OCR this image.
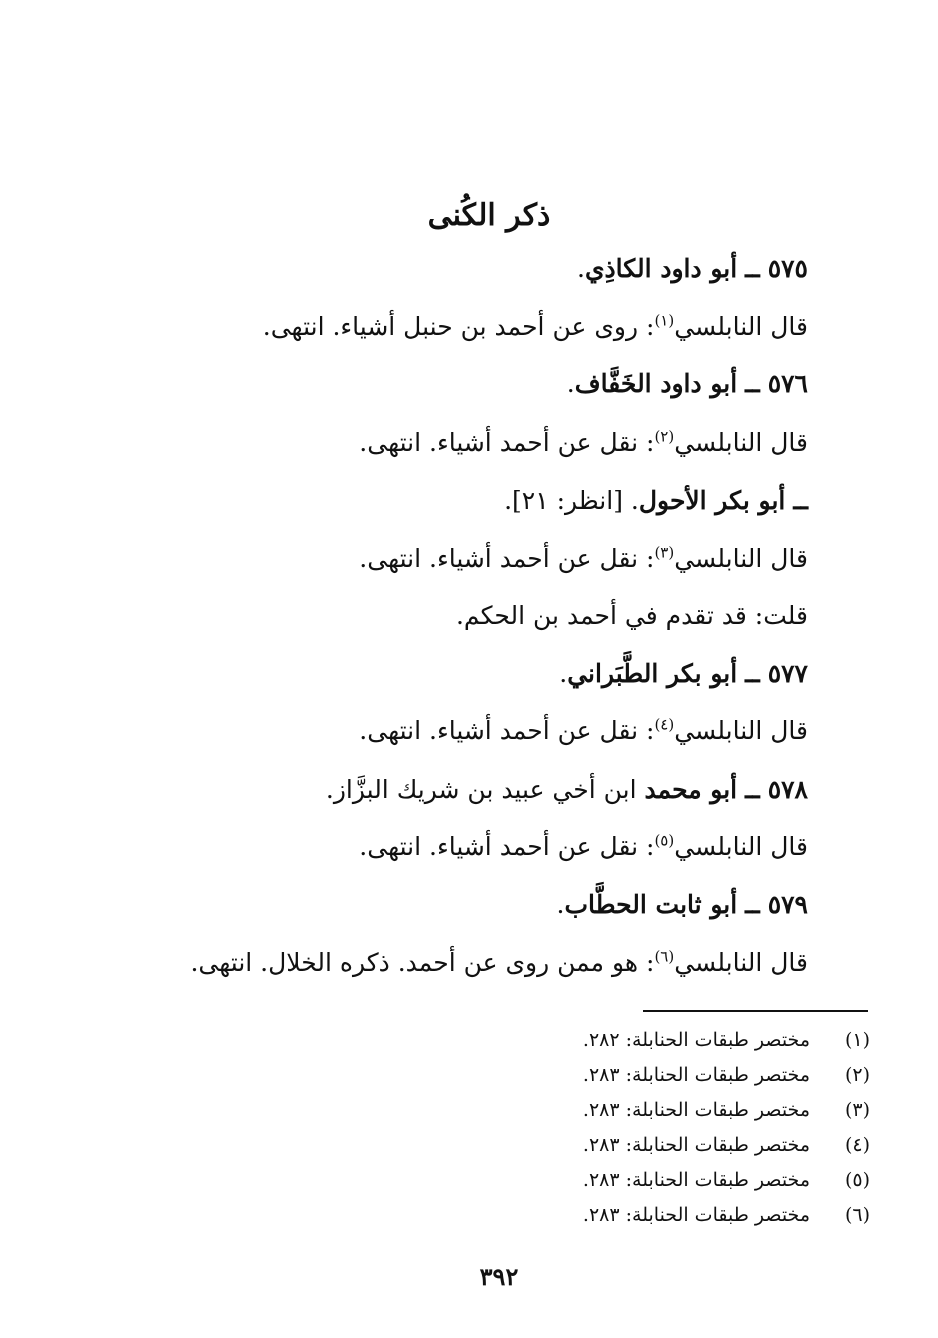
ذكر الكُنى
٥٧٥ ــ أبو داود الكاذِي.
قال النابلسي$^{(١)}$: روى عن أحمد بن حنبل أشياء. انتهى.
٥٧٦ ــ أبو داود الخَفَّاف.
قال النابلسي$^{(٢)}$: نقل عن أحمد أشياء. انتهى.
ــ أبو بكر الأحول. [انظر: ٢١].
قال النابلسي$^{(٣)}$: نقل عن أحمد أشياء. انتهى.
قلت: قد تقدم في أحمد بن الحكم.
٥٧٧ ــ أبو بكر الطَّبَراني.
قال النابلسي$^{(٤)}$: نقل عن أحمد أشياء. انتهى.
٥٧٨ ــ أبو محمد ابن أخي عبيد بن شريك البزَّاز.
قال النابلسي$^{(٥)}$: نقل عن أحمد أشياء. انتهى.
٥٧٩ ــ أبو ثابت الحطَّاب.
قال النابلسي$^{(٦)}$: هو ممن روى عن أحمد. ذكره الخلال. انتهى.
(١)
مختصر طبقات الحنابلة: ٢٨٢.
(٢)
مختصر طبقات الحنابلة: ٢٨٣.
(٣)
مختصر طبقات الحنابلة: ٢٨٣.
(٤)
مختصر طبقات الحنابلة: ٢٨٣.
(٥)
مختصر طبقات الحنابلة: ٢٨٣.
(٦)
مختصر طبقات الحنابلة: ٢٨٣.
٣٩٢
